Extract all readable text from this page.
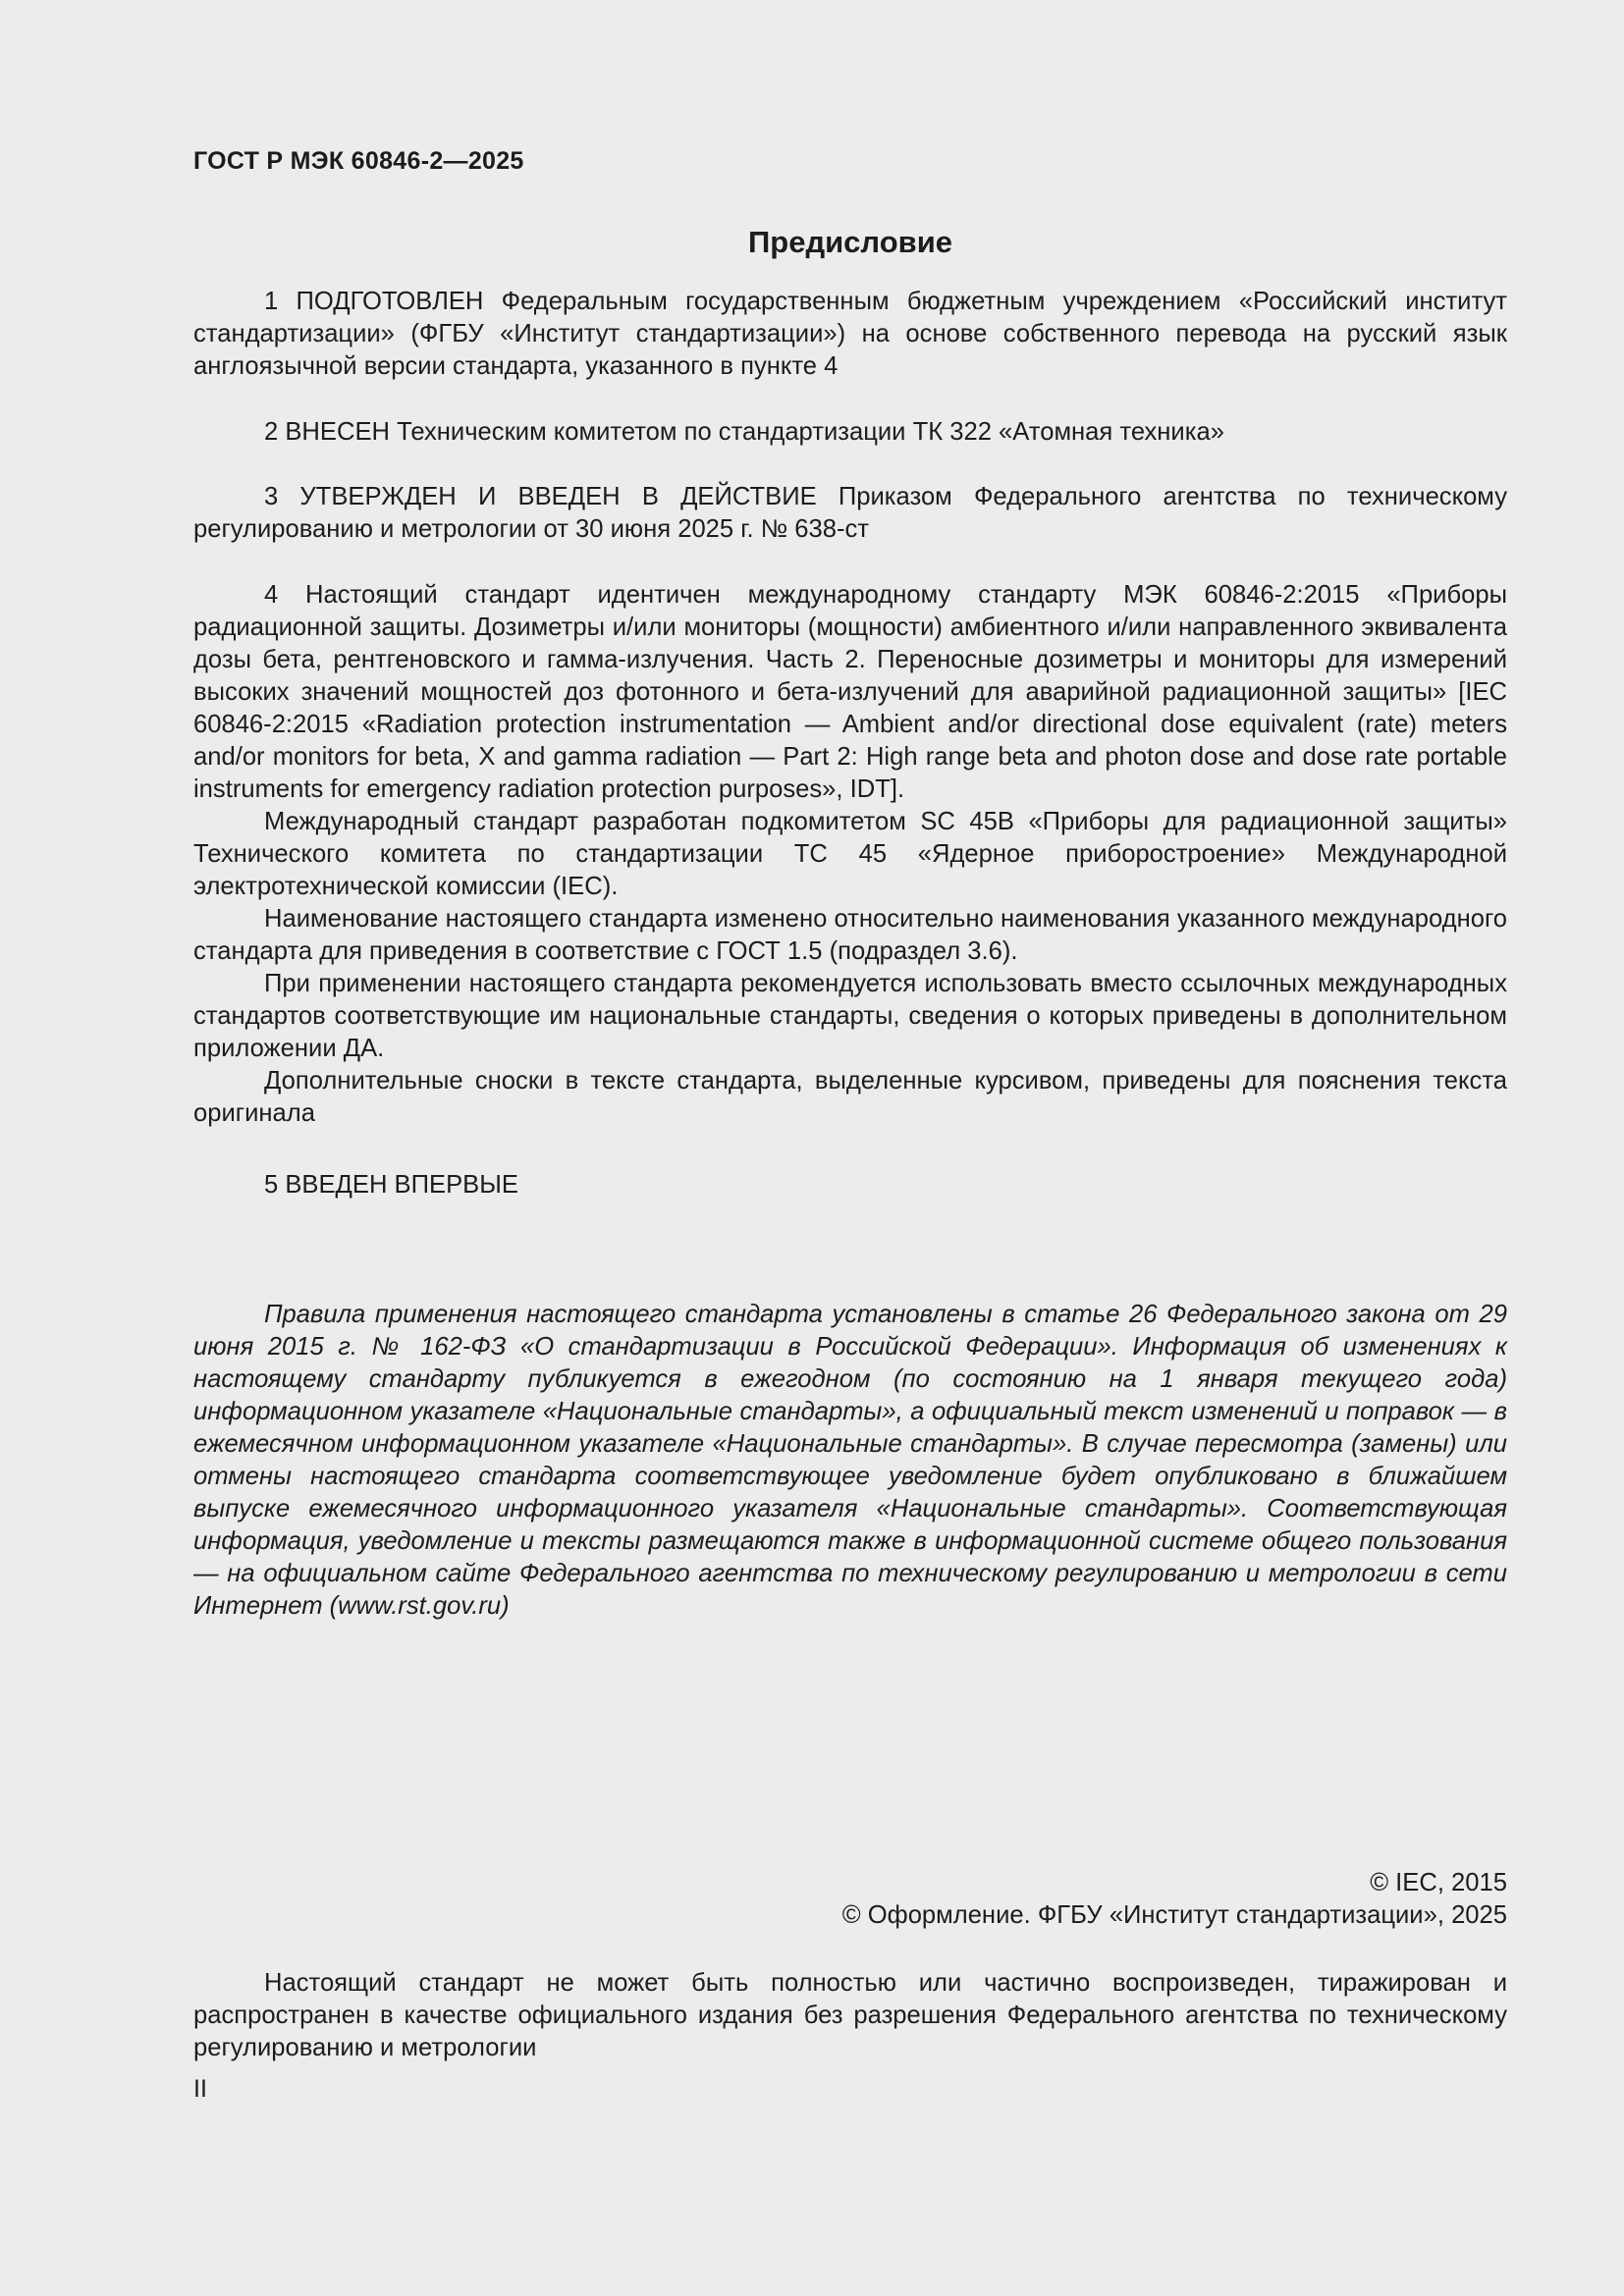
ГОСТ Р МЭК 60846-2—2025
Предисловие

1 ПОДГОТОВЛЕН Федеральным государственным бюджетным учреждением «Российский институт стандартизации» (ФГБУ «Институт стандартизации») на основе собственного перевода на русский язык англоязычной версии стандарта, указанного в пункте 4

2 ВНЕСЕН Техническим комитетом по стандартизации ТК 322 «Атомная техника»

3 УТВЕРЖДЕН И ВВЕДЕН В ДЕЙСТВИЕ Приказом Федерального агентства по техническому регулированию и метрологии от 30 июня 2025 г. № 638-ст

4 Настоящий стандарт идентичен международному стандарту МЭК 60846-2:2015 «Приборы радиационной защиты. Дозиметры и/или мониторы (мощности) амбиентного и/или направленного эквивалента дозы бета, рентгеновского и гамма-излучения. Часть 2. Переносные дозиметры и мониторы для измерений высоких значений мощностей доз фотонного и бета-излучений для аварийной радиационной защиты» [IEC 60846-2:2015 «Radiation protection instrumentation — Ambient and/or directional dose equivalent (rate) meters and/or monitors for beta, X and gamma radiation — Part 2: High range beta and photon dose and dose rate portable instruments for emergency radiation protection purposes», IDT].

Международный стандарт разработан подкомитетом SC 45B «Приборы для радиационной защиты» Технического комитета по стандартизации ТС 45 «Ядерное приборостроение» Международной электротехнической комиссии (IEC).

Наименование настоящего стандарта изменено относительно наименования указанного международного стандарта для приведения в соответствие с ГОСТ 1.5 (подраздел 3.6).

При применении настоящего стандарта рекомендуется использовать вместо ссылочных международных стандартов соответствующие им национальные стандарты, сведения о которых приведены в дополнительном приложении ДА.

Дополнительные сноски в тексте стандарта, выделенные курсивом, приведены для пояснения текста оригинала

5 ВВЕДЕН ВПЕРВЫЕ

Правила применения настоящего стандарта установлены в статье 26 Федерального закона от 29 июня 2015 г. № 162-ФЗ «О стандартизации в Российской Федерации». Информация об изменениях к настоящему стандарту публикуется в ежегодном (по состоянию на 1 января текущего года) информационном указателе «Национальные стандарты», а официальный текст изменений и поправок — в ежемесячном информационном указателе «Национальные стандарты». В случае пересмотра (замены) или отмены настоящего стандарта соответствующее уведомление будет опубликовано в ближайшем выпуске ежемесячного информационного указателя «Национальные стандарты». Соответствующая информация, уведомление и тексты размещаются также в информационной системе общего пользования — на официальном сайте Федерального агентства по техническому регулированию и метрологии в сети Интернет (www.rst.gov.ru)

© IEC, 2015
© Оформление. ФГБУ «Институт стандартизации», 2025

Настоящий стандарт не может быть полностью или частично воспроизведен, тиражирован и распространен в качестве официального издания без разрешения Федерального агентства по техническому регулированию и метрологии

II
